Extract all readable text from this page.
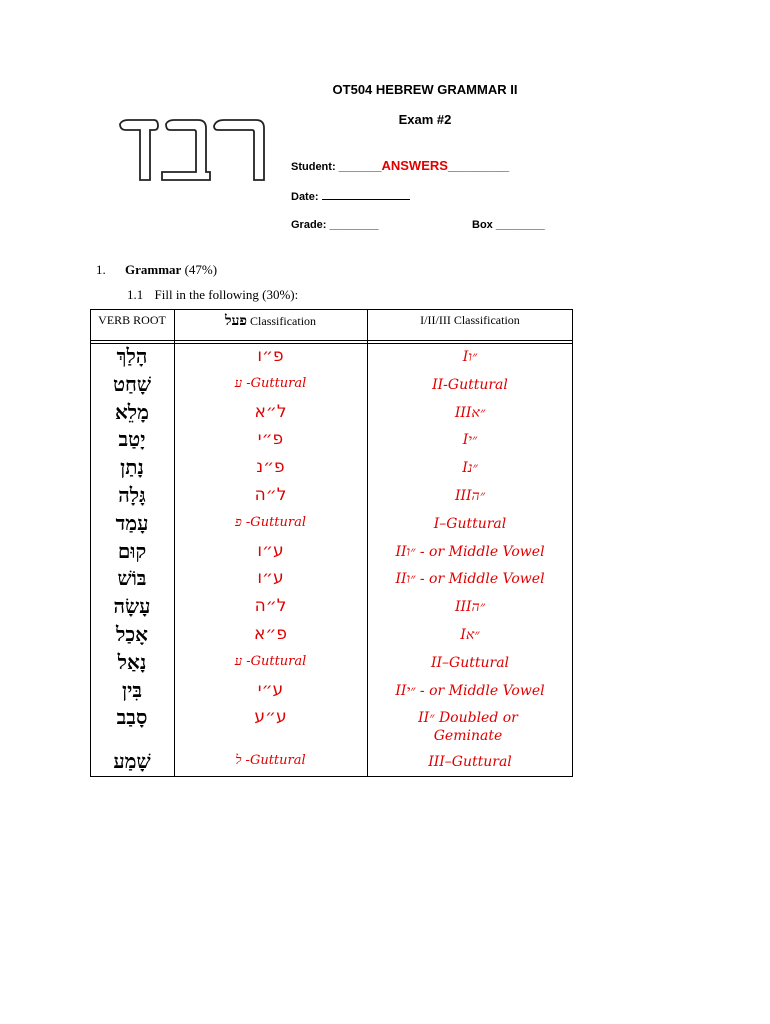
OT504 HEBREW GRAMMAR II
Exam #2
דבר
Student: _______ANSWERS__________
Date:
Grade: ________	Box ________
1. Grammar (47%)
1.1 Fill in the following (30%):
VERB ROOT	פעל Classification	I/II/III Classification
הָלַךְ	פ״ו	I״ו
שָׁחַט	ע -Guttural	II-Guttural
מָלֵא	ל״א	III״א
יָטַב	פ״י	I״י
נָתַן	פ״נ	I״נ
גָּלָה	ל״ה	III״ה
עָמַד	פ -Guttural	I–Guttural
קוּם	ע״ו	II״ו - or Middle Vowel
בּוֹשׁ	ע״ו	II״ו - or Middle Vowel
עָשָׂה	ל״ה	III״ה
אָכַל	פ״א	I״א
נָאַל	ע -Guttural	II–Guttural
בִּין	ע״י	II״י - or Middle Vowel
סָבַב	ע״ע	II״ Doubled or Geminate
שָׁמַע	ל -Guttural	III–Guttural
